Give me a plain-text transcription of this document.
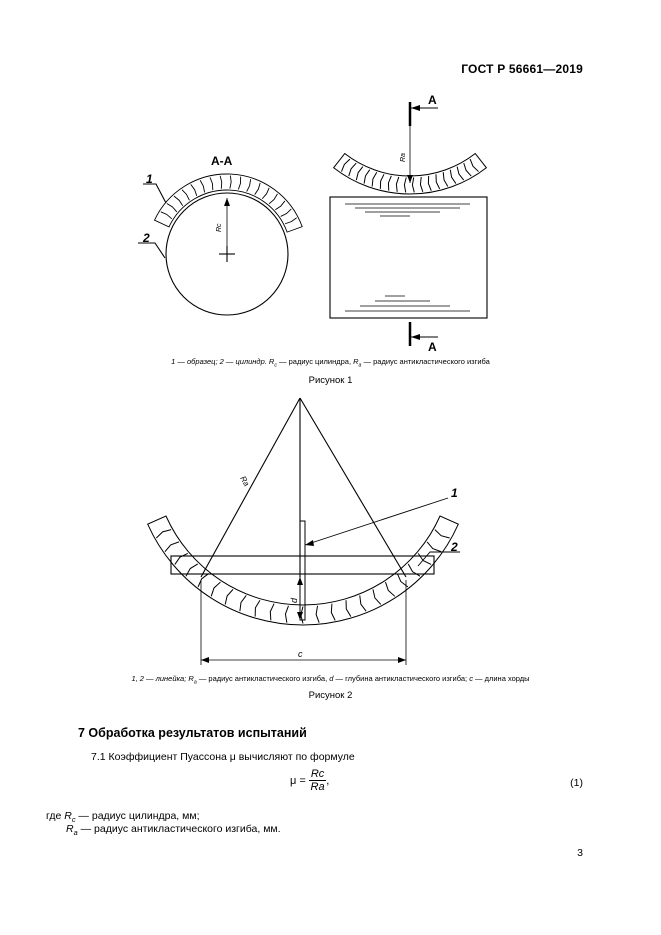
ГОСТ Р 56661—2019
А-А
1
2
Rc
А
А
Ra
1
2
Ra
d
c
1 — образец; 2 — цилиндр. $R_c$ — радиус цилиндра, $R_a$ — радиус антикластического изгиба
Рисунок 1
1, 2 — линейка; $R_a$ — радиус антикластического изгиба, d — глубина антикластического изгиба; c — длина хорды
Рисунок 2
7 Обработка результатов испытаний
7.1 Коэффициент Пуассона μ вычисляют по формуле
$\mu = \frac{Rc}{Ra}$ ,	(1)
где $R_c$ — радиус цилиндра, мм;
$R_a$ — радиус антикластического изгиба, мм.
3
